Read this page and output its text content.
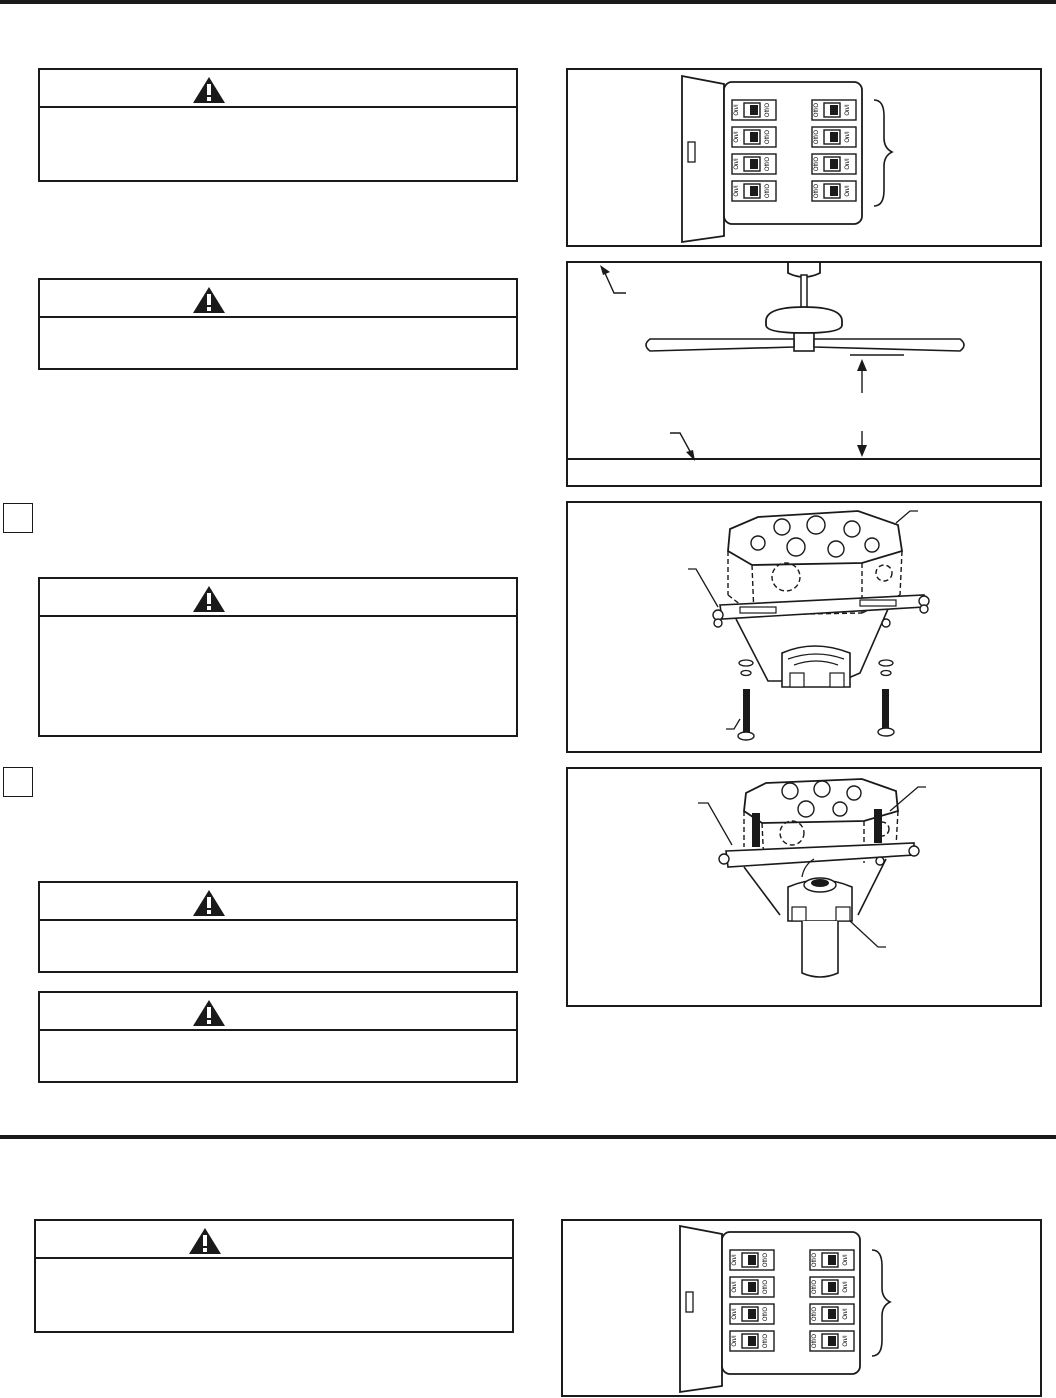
On/I	Off/O	Off/O	On/I
On/I	Off/O	Off/O	On/I
On/I	Off/O	Off/O	On/I
On/I	Off/O	Off/O	On/I
On/I	Off/O	Off/O	On/I
On/I	Off/O	Off/O	On/I
On/I	Off/O	Off/O	On/I
On/I	Off/O	Off/O	On/I
